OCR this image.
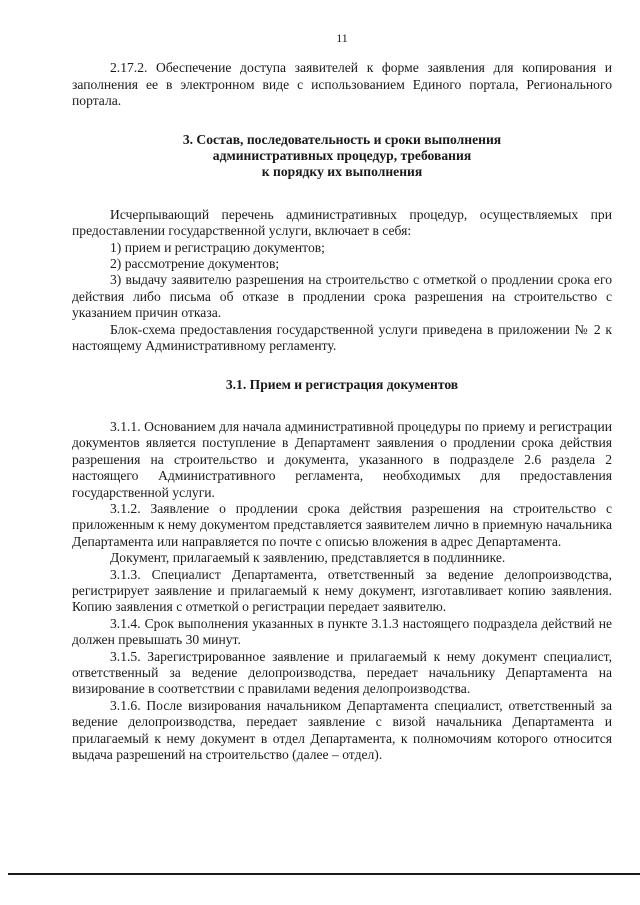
11

2.17.2. Обеспечение доступа заявителей к форме заявления для копирования и заполнения ее в электронном виде с использованием Единого портала, Регионального портала.

3. Состав, последовательность и сроки выполнения

административных процедур, требования

к порядку их выполнения

Исчерпывающий перечень административных процедур, осуществляемых при предоставлении государственной услуги, включает в себя:

1) прием и регистрацию документов;

2) рассмотрение документов;

3) выдачу заявителю разрешения на строительство с отметкой о продлении срока его действия либо письма об отказе в продлении срока разрешения на строительство с указанием причин отказа.

Блок-схема предоставления государственной услуги приведена в приложении № 2 к настоящему Административному регламенту.

3.1. Прием и регистрация документов

3.1.1. Основанием для начала административной процедуры по приему и регистрации документов является поступление в Департамент заявления о продлении срока действия разрешения на строительство и документа, указанного в подразделе 2.6 раздела 2 настоящего Административного регламента, необходимых для предоставления государственной услуги.

3.1.2. Заявление о продлении срока действия разрешения на строительство с приложенным к нему документом представляется заявителем лично в приемную начальника Департамента или направляется по почте с описью вложения в адрес Департамента.

Документ, прилагаемый к заявлению, представляется в подлиннике.

3.1.3. Специалист Департамента, ответственный за ведение делопроизводства, регистрирует заявление и прилагаемый к нему документ, изготавливает копию заявления. Копию заявления с отметкой о регистрации передает заявителю.

3.1.4. Срок выполнения указанных в пункте 3.1.3 настоящего подраздела действий не должен превышать 30 минут.

3.1.5. Зарегистрированное заявление и прилагаемый к нему документ специалист, ответственный за ведение делопроизводства, передает начальнику Департамента на визирование в соответствии с правилами ведения делопроизводства.

3.1.6. После визирования начальником Департамента специалист, ответственный за ведение делопроизводства, передает заявление с визой начальника Департамента и прилагаемый к нему документ в отдел Департамента, к полномочиям которого относится выдача разрешений на строительство (далее – отдел).
